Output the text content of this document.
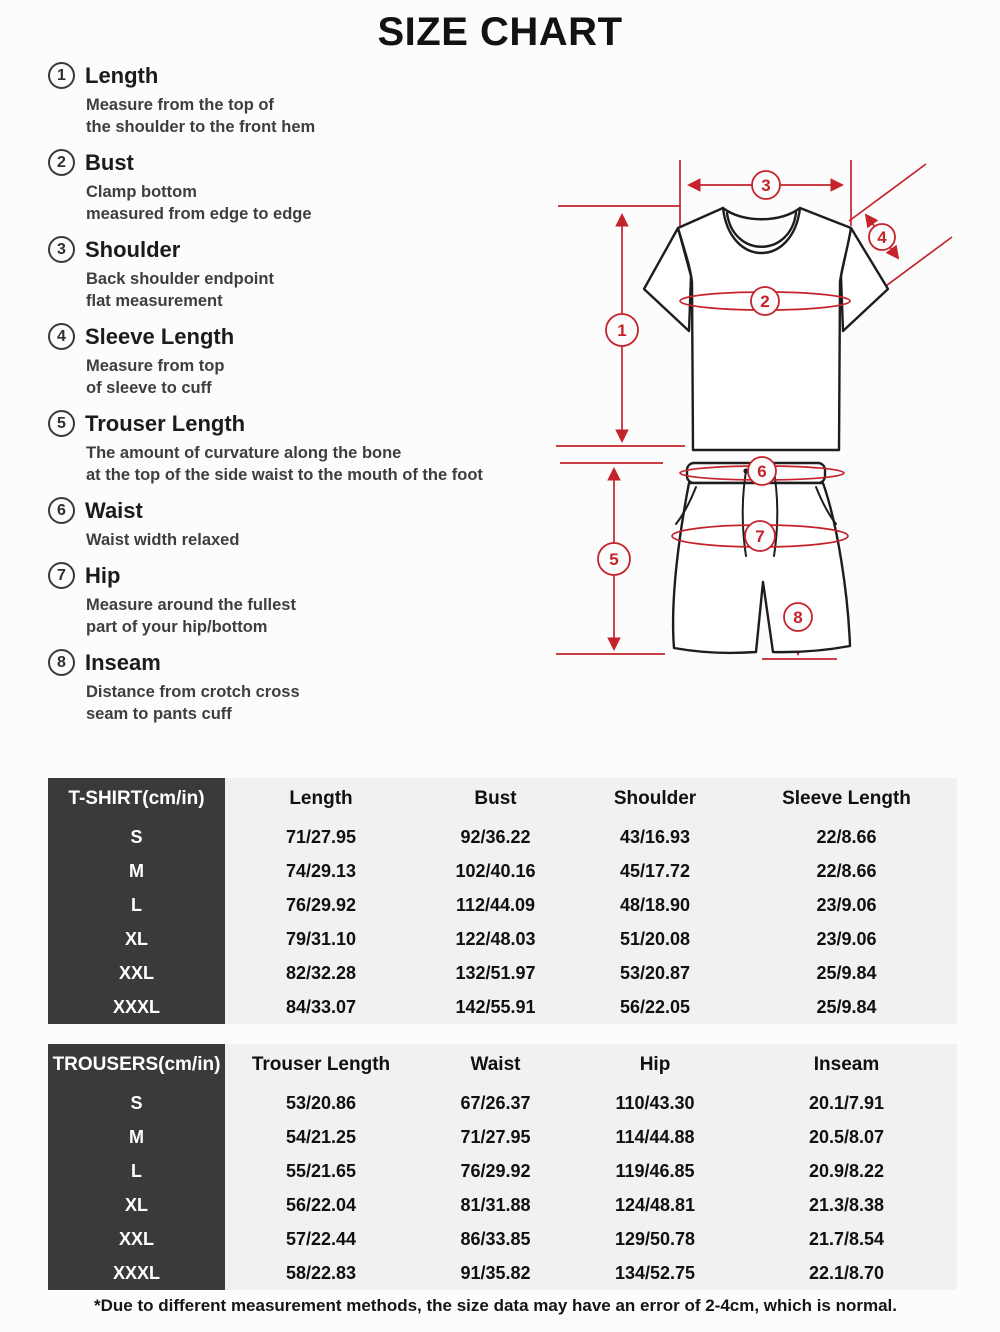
SIZE CHART
1 Length
Measure from the top of
the shoulder to the front hem
2 Bust
Clamp bottom
measured from edge to edge
3 Shoulder
Back shoulder endpoint
flat measurement
4 Sleeve Length
Measure from top
of sleeve to cuff
5 Trouser Length
The amount of curvature along the bone
at the top of the side waist to the mouth of the foot
6 Waist
Waist width relaxed
7 Hip
Measure around the fullest
part of your hip/bottom
8 Inseam
Distance from crotch cross
seam to pants cuff
1
2
3
4
5
6
7
8
T-SHIRT(cm/in)	Length	Bust	Shoulder	Sleeve Length
S	71/27.95	92/36.22	43/16.93	22/8.66
M	74/29.13	102/40.16	45/17.72	22/8.66
L	76/29.92	112/44.09	48/18.90	23/9.06
XL	79/31.10	122/48.03	51/20.08	23/9.06
XXL	82/32.28	132/51.97	53/20.87	25/9.84
XXXL	84/33.07	142/55.91	56/22.05	25/9.84
TROUSERS(cm/in)	Trouser Length	Waist	Hip	Inseam
S	53/20.86	67/26.37	110/43.30	20.1/7.91
M	54/21.25	71/27.95	114/44.88	20.5/8.07
L	55/21.65	76/29.92	119/46.85	20.9/8.22
XL	56/22.04	81/31.88	124/48.81	21.3/8.38
XXL	57/22.44	86/33.85	129/50.78	21.7/8.54
XXXL	58/22.83	91/35.82	134/52.75	22.1/8.70
*Due to different measurement methods, the size data may have an error of 2-4cm, which is normal.
